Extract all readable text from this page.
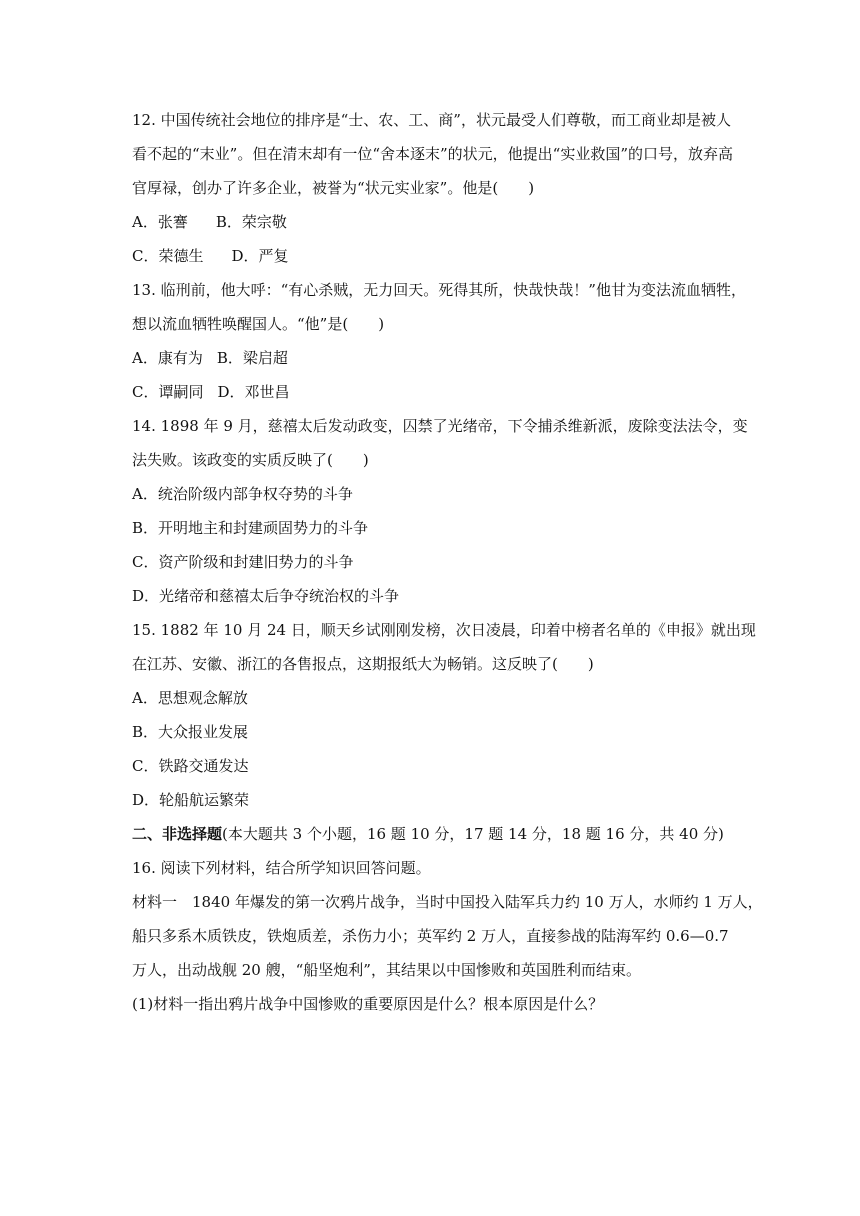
12. 中国传统社会地位的排序是“士、农、工、商”，状元最受人们尊敬，而工商业却是被人
看不起的“末业”。但在清末却有一位“舍本逐末”的状元，他提出“实业救国”的口号，放弃高
官厚禄，创办了许多企业，被誉为“状元实业家”。他是(　　)
A．张謇 B．荣宗敬
C．荣德生 D．严复
13. 临刑前，他大呼：“有心杀贼，无力回天。死得其所，快哉快哉！”他甘为变法流血牺牲，
想以流血牺牲唤醒国人。“他”是(　　)
A．康有为 B．梁启超
C．谭嗣同 D．邓世昌
14. 1898 年 9 月，慈禧太后发动政变，囚禁了光绪帝，下令捕杀维新派，废除变法法令，变
法失败。该政变的实质反映了(　　)
A．统治阶级内部争权夺势的斗争
B．开明地主和封建顽固势力的斗争
C．资产阶级和封建旧势力的斗争
D．光绪帝和慈禧太后争夺统治权的斗争
15. 1882 年 10 月 24 日，顺天乡试刚刚发榜，次日凌晨，印着中榜者名单的《申报》就出现
在江苏、安徽、浙江的各售报点，这期报纸大为畅销。这反映了(　　)
A．思想观念解放
B．大众报业发展
C．铁路交通发达
D．轮船航运繁荣
二、非选择题(本大题共 3 个小题，16 题 10 分，17 题 14 分，18 题 16 分，共 40 分)
16. 阅读下列材料，结合所学知识回答问题。
材料一　1840 年爆发的第一次鸦片战争，当时中国投入陆军兵力约 10 万人，水师约 1 万人，
船只多系木质铁皮，铁炮质差，杀伤力小；英军约 2 万人，直接参战的陆海军约 0.6—0.7
万人，出动战舰 20 艘，“船坚炮利”，其结果以中国惨败和英国胜利而结束。
(1)材料一指出鸦片战争中国惨败的重要原因是什么？根本原因是什么？
